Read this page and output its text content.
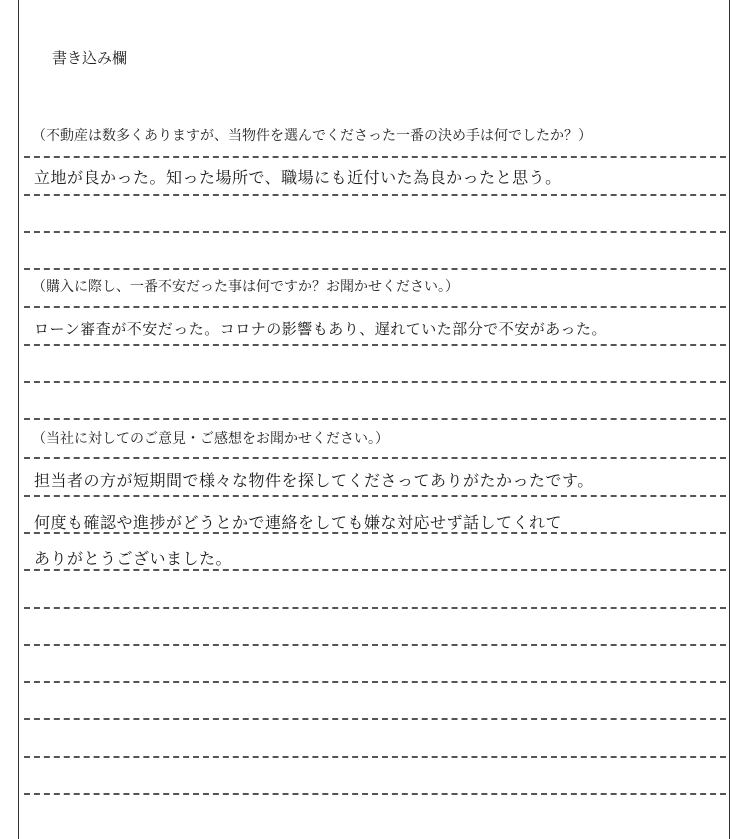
書き込み欄
（不動産は数多くありますが、当物件を選んでくださった一番の決め手は何でしたか？）
立地が良かった。知った場所で、職場にも近付いた為良かったと思う。
（購入に際し、一番不安だった事は何ですか？お聞かせください。）
ローン審査が不安だった。コロナの影響もあり、遅れていた部分で不安があった。
（当社に対してのご意見・ご感想をお聞かせください。）
担当者の方が短期間で様々な物件を探してくださってありがたかったです。
何度も確認や進捗がどうとかで連絡をしても嫌な対応せず話してくれて
ありがとうございました。
